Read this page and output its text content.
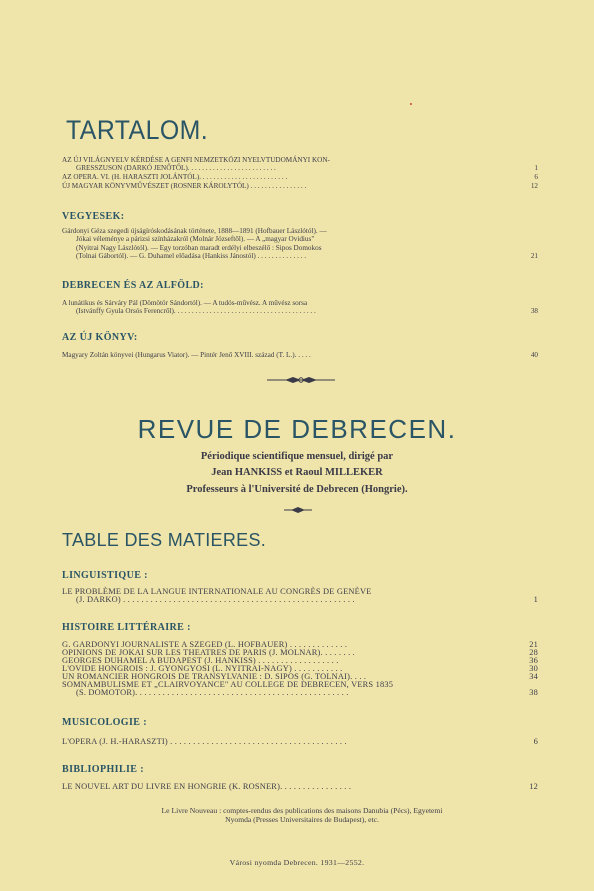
TARTALOM.
AZ ÚJ VILÁGNYELV KÉRDÉSE A GENFI NEMZETKÖZI NYELVTUDOMÁNYI KON-
GRESSZUSON (DARKÓ JENŐTŐL). . . . . . . . . . . . . . . . . . . . . . . . .	1
AZ OPERA. VI. (H. HARASZTI JOLÁNTÓL). . . . . . . . . . . . . . . . . . . . . . . . .	6
ÚJ MAGYAR KÖNYVMŰVÉSZET (ROSNER KÁROLYTÓL) . . . . . . . . . . . . . . . .	12
VEGYESEK:
Gárdonyi Géza szegedi újságíróskodásának története, 1888—1891 (Hofbauer Lászlótól). —
Jókai véleménye a párizsi színházakról (Molnár Józseftől). — A „magyar Ovidius"
(Nyitrai Nagy Lászlótól). — Egy torzóban maradt erdélyi elbeszélő : Sipos Domokos
(Tolnai Gábortól). — G. Duhamel előadása (Hankiss Jánostól) . . . . . . . . . . . . . .	21
DEBRECEN ÉS AZ ALFÖLD:
A lunátikus és Sárváry Pál (Dömötör Sándortól). — A tudós-művész. A művész sorsa
(Istvánffy Gyula Orsós Ferencről). . . . . . . . . . . . . . . . . . . . . . . . . . . . . . . . . . . . . . . .	38
AZ ÚJ KÖNYV:
Magyary Zoltán könyvei (Hungarus Viator). — Pintér Jenő XVIII. század (T. L.). . . . .	40
REVUE DE DEBRECEN.
Périodique scientifique mensuel, dirigé par
Jean HANKISS et Raoul MILLEKER
Professeurs à l'Université de Debrecen (Hongrie).
TABLE DES MATIERES.
LINGUISTIQUE :
LE PROBLÈME DE LA LANGUE INTERNATIONALE AU CONGRÈS DE GENÈVE
(J. DARKÓ) . . . . . . . . . . . . . . . . . . . . . . . . . . . . . . . . . . . . . . . . . . . . . . . . . . .	1
HISTOIRE LITTÉRAIRE :
G. GÁRDONYI JOURNALISTE A SZEGED (L. HOFBAUER) . . . . . . . . . . . . .	21
OPINIONS DE JÓKAI SUR LES THÉATRES DE PARIS (J. MOLNÁR). . . . . . . .	28
GEORGES DUHAMEL A BUDAPEST (J. HANKISS) . . . . . . . . . . . . . . . . . .	36
L'OVIDE HONGROIS : J. GYÖNGYÖSI (L. NYITRAI-NAGY) . . . . . . . . . . .	30
UN ROMANCIER HONGROIS DE TRANSYLVANIE : D. SIPOS (G. TOLNAI). . . .	34
SOMNAMBULISME ET „CLAIRVOYANCE" AU COLLÈGE DE DEBRECEN, VERS 1835
(S. DÖMÖTÖR). . . . . . . . . . . . . . . . . . . . . . . . . . . . . . . . . . . . . . . . . . . . . . .	38
MUSICOLOGIE :
L'OPÉRA (J. H.-HARASZTI) . . . . . . . . . . . . . . . . . . . . . . . . . . . . . . . . . . . . . . .	6
BIBLIOPHILIE :
LE NOUVEL ART DU LIVRE EN HONGRIE (K. ROSNER). . . . . . . . . . . . . . . .	12
Le Livre Nouveau : comptes-rendus des publications des maisons Danubia (Pécs), Egyetemi
Nyomda (Presses Universitaires de Budapest), etc.
Városi nyomda Debrecen. 1931—2552.
